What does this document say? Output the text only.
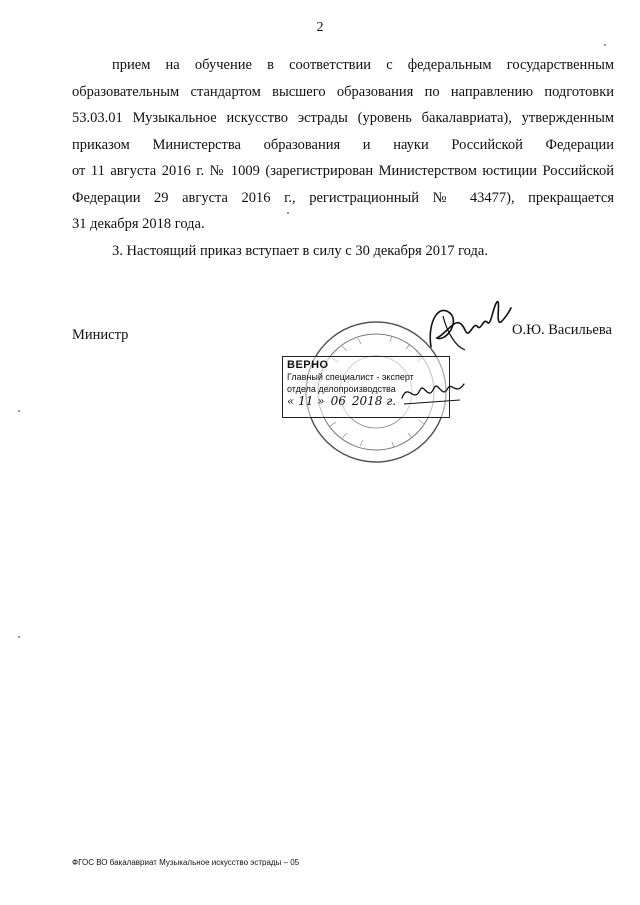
2
прием на обучение в соответствии с федеральным государственным
образовательным стандартом высшего образования по направлению подготовки
53.03.01 Музыкальное искусство эстрады (уровень бакалавриата), утвержденным
приказом Министерства образования и науки Российской Федерации
от 11 августа 2016 г. № 1009 (зарегистрирован Министерством юстиции Российской
Федерации 29 августа 2016 г., регистрационный № 43477), прекращается
31 декабря 2018 года.
3. Настоящий приказ вступает в силу с 30 декабря 2017 года.
Министр	О.Ю. Васильева
ВЕРНО
Главный специалист - эксперт
отдела делопроизводства
« 11 » 06 2018 г.
ФГОС ВО бакалавриат Музыкальное искусство эстрады – 05
